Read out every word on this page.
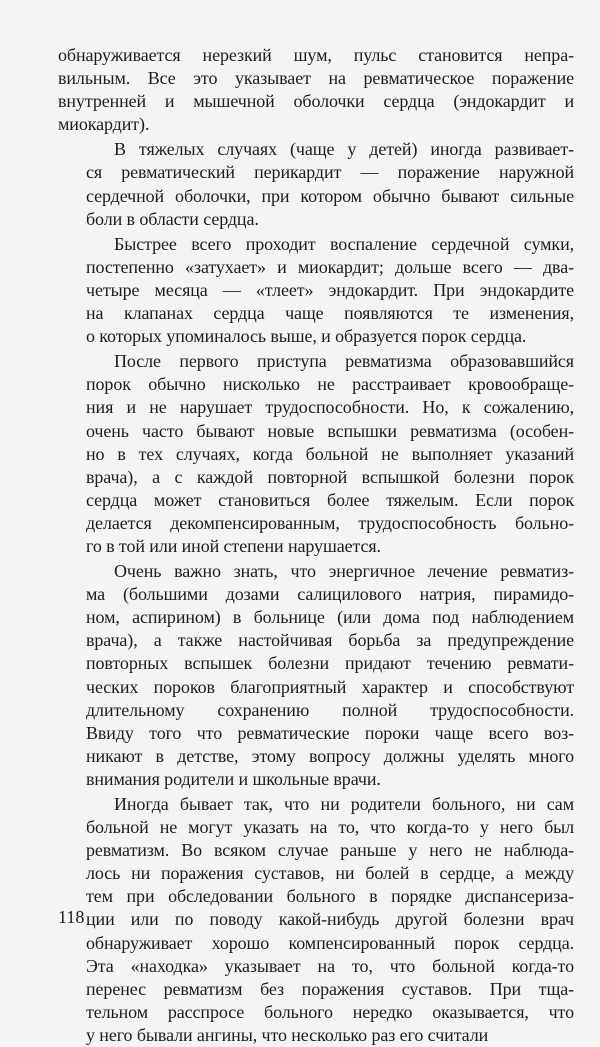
обнаруживается нерезкий шум, пульс становится непра-
вильным. Все это указывает на ревматическое поражение
внутренней и мышечной оболочки сердца (эндокардит и
миокардит).

В тяжелых случаях (чаще у детей) иногда развивает-
ся ревматический перикардит — поражение наружной
сердечной оболочки, при котором обычно бывают сильные
боли в области сердца.

Быстрее всего проходит воспаление сердечной сумки,
постепенно «затухает» и миокардит; дольше всего — два-
четыре месяца — «тлеет» эндокардит. При эндокардите
на клапанах сердца чаще появляются те изменения,
о которых упоминалось выше, и образуется порок сердца.

После первого приступа ревматизма образовавшийся
порок обычно нисколько не расстраивает кровообраще-
ния и не нарушает трудоспособности. Но, к сожалению,
очень часто бывают новые вспышки ревматизма (особен-
но в тех случаях, когда больной не выполняет указаний
врача), а с каждой повторной вспышкой болезни порок
сердца может становиться более тяжелым. Если порок
делается декомпенсированным, трудоспособность больно-
го в той или иной степени нарушается.

Очень важно знать, что энергичное лечение ревматиз-
ма (большими дозами салицилового натрия, пирамидо-
ном, аспирином) в больнице (или дома под наблюдением
врача), а также настойчивая борьба за предупреждение
повторных вспышек болезни придают течению ревмати-
ческих пороков благоприятный характер и способствуют
длительному сохранению полной трудоспособности.
Ввиду того что ревматические пороки чаще всего воз-
никают в детстве, этому вопросу должны уделять много
внимания родители и школьные врачи.

Иногда бывает так, что ни родители больного, ни сам
больной не могут указать на то, что когда-то у него был
ревматизм. Во всяком случае раньше у него не наблюда-
лось ни поражения суставов, ни болей в сердце, а между
тем при обследовании больного в порядке диспансериза-
ции или по поводу какой-нибудь другой болезни врач
обнаруживает хорошо компенсированный порок сердца.
Эта «находка» указывает на то, что больной когда-то
перенес ревматизм без поражения суставов. При тща-
тельном расспросе больного нередко оказывается, что
у него бывали ангины, что несколько раз его считали

118
